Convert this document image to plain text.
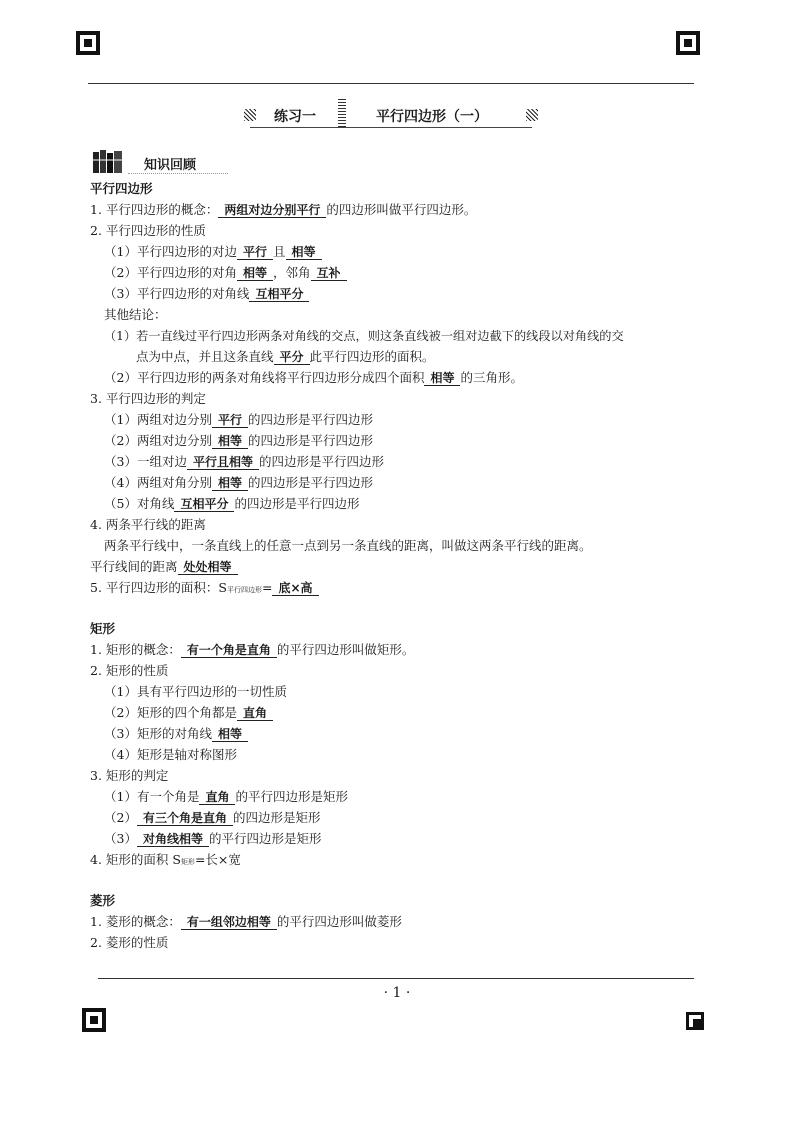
练习一	平行四边形（一）
知识回顾
平行四边形
1. 平行四边形的概念： 两组对边分别平行 的四边形叫做平行四边形。
2. 平行四边形的性质
（1）平行四边形的对边 平行 且 相等
（2）平行四边形的对角 相等 ，邻角 互补
（3）平行四边形的对角线 互相平分
其他结论：
（1）若一直线过平行四边形两条对角线的交点，则这条直线被一组对边截下的线段以对角线的交
点为中点，并且这条直线 平分 此平行四边形的面积。
（2）平行四边形的两条对角线将平行四边形分成四个面积 相等 的三角形。
3. 平行四边形的判定
（1）两组对边分别 平行 的四边形是平行四边形
（2）两组对边分别 相等 的四边形是平行四边形
（3）一组对边 平行且相等 的四边形是平行四边形
（4）两组对角分别 相等 的四边形是平行四边形
（5）对角线 互相平分 的四边形是平行四边形
4. 两条平行线的距离
两条平行线中，一条直线上的任意一点到另一条直线的距离，叫做这两条平行线的距离。
平行线间的距离 处处相等
5. 平行四边形的面积：S平行四边形= 底×高
矩形
1. 矩形的概念： 有一个角是直角 的平行四边形叫做矩形。
2. 矩形的性质
（1）具有平行四边形的一切性质
（2）矩形的四个角都是 直角
（3）矩形的对角线 相等
（4）矩形是轴对称图形
3. 矩形的判定
（1）有一个角是 直角 的平行四边形是矩形
（2） 有三个角是直角 的四边形是矩形
（3） 对角线相等 的平行四边形是矩形
4. 矩形的面积 S矩形=长×宽
菱形
1. 菱形的概念： 有一组邻边相等 的平行四边形叫做菱形
2. 菱形的性质
· 1 ·
